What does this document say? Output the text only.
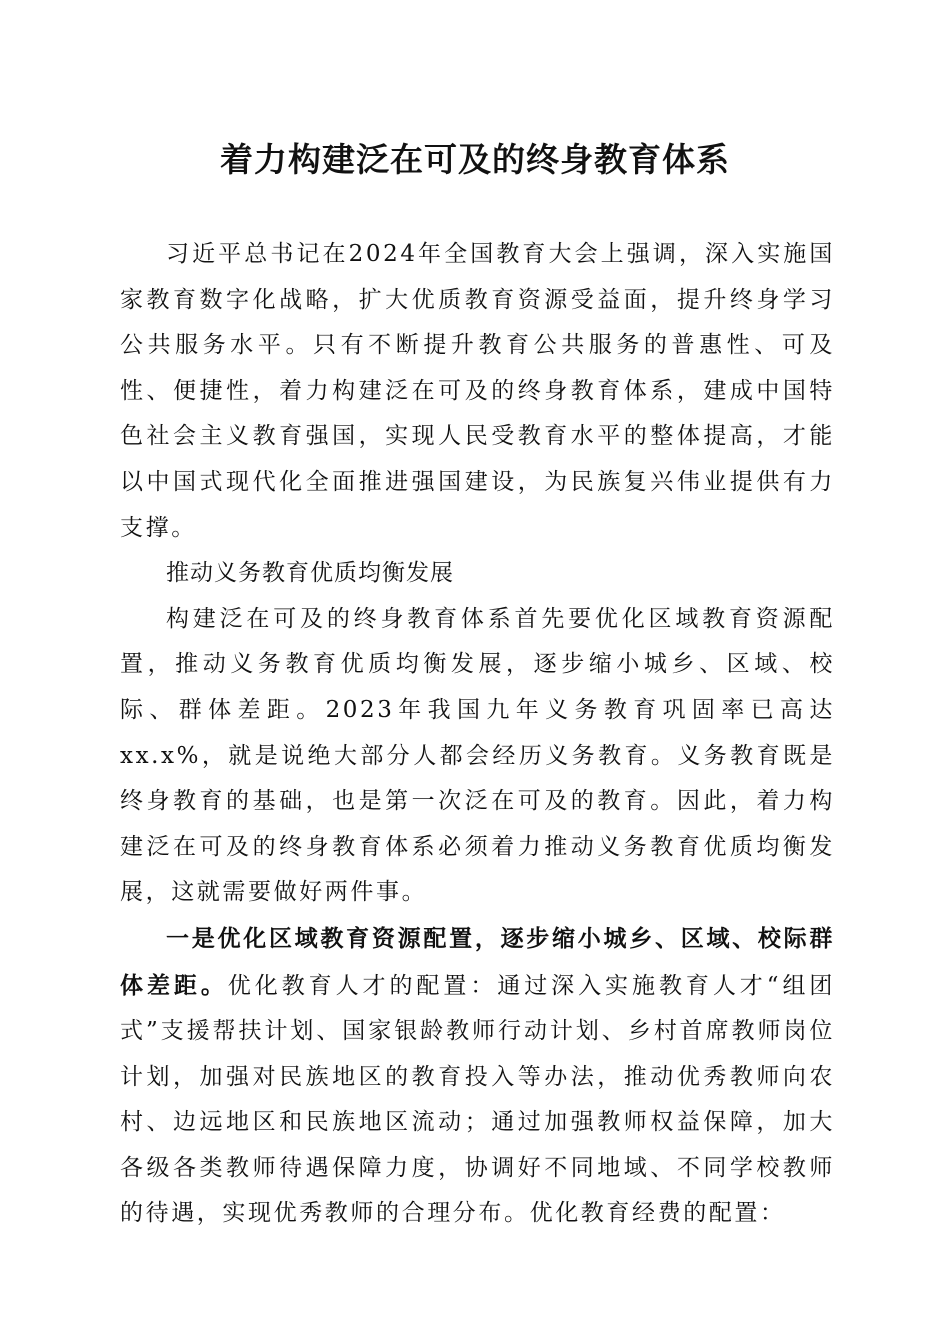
着力构建泛在可及的终身教育体系

习近平总书记在2024年全国教育大会上强调，深入实施国家教育数字化战略，扩大优质教育资源受益面，提升终身学习公共服务水平。只有不断提升教育公共服务的普惠性、可及性、便捷性，着力构建泛在可及的终身教育体系，建成中国特色社会主义教育强国，实现人民受教育水平的整体提高，才能以中国式现代化全面推进强国建设，为民族复兴伟业提供有力支撑。

推动义务教育优质均衡发展

构建泛在可及的终身教育体系首先要优化区域教育资源配置，推动义务教育优质均衡发展，逐步缩小城乡、区域、校际、群体差距。2023年我国九年义务教育巩固率已高达xx.x%，就是说绝大部分人都会经历义务教育。义务教育既是终身教育的基础，也是第一次泛在可及的教育。因此，着力构建泛在可及的终身教育体系必须着力推动义务教育优质均衡发展，这就需要做好两件事。

一是优化区域教育资源配置，逐步缩小城乡、区域、校际群体差距。优化教育人才的配置：通过深入实施教育人才“组团式”支援帮扶计划、国家银龄教师行动计划、乡村首席教师岗位计划，加强对民族地区的教育投入等办法，推动优秀教师向农村、边远地区和民族地区流动；通过加强教师权益保障，加大各级各类教师待遇保障力度，协调好不同地域、不同学校教师的待遇，实现优秀教师的合理分布。优化教育经费的配置：
